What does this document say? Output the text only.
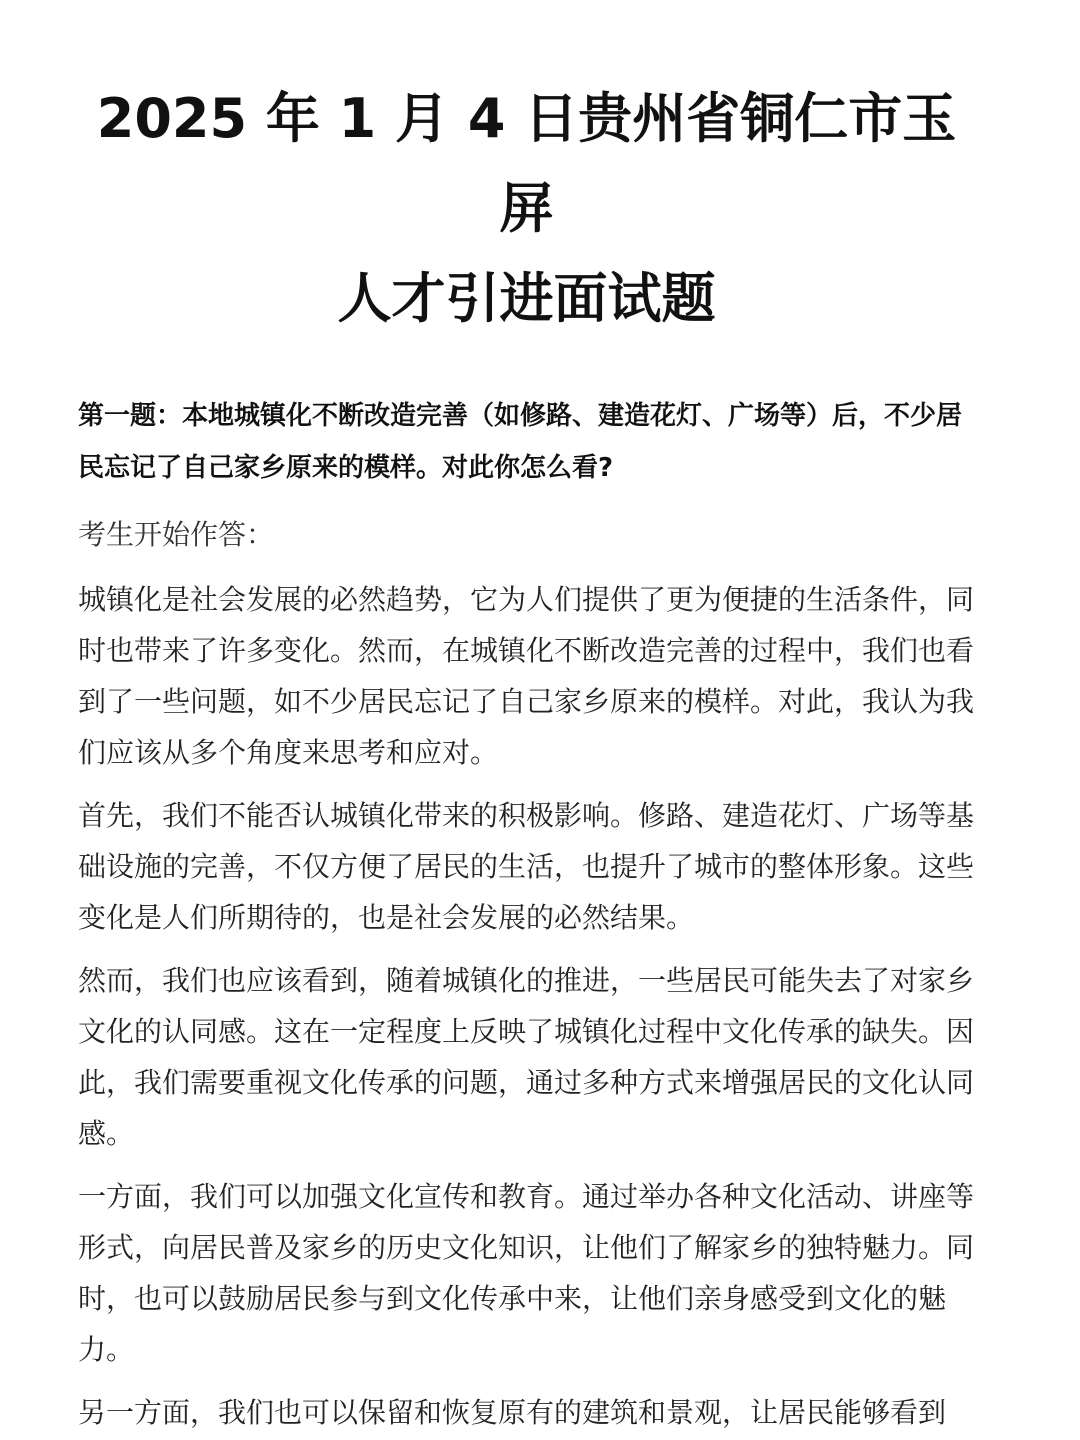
2025 年 1 月 4 日贵州省铜仁市玉屏
人才引进面试题

第一题：本地城镇化不断改造完善（如修路、建造花灯、广场等）后，不少居民忘记了自己家乡原来的模样。对此你怎么看?

考生开始作答：

城镇化是社会发展的必然趋势，它为人们提供了更为便捷的生活条件，同时也带来了许多变化。然而，在城镇化不断改造完善的过程中，我们也看到了一些问题，如不少居民忘记了自己家乡原来的模样。对此，我认为我们应该从多个角度来思考和应对。

首先，我们不能否认城镇化带来的积极影响。修路、建造花灯、广场等基础设施的完善，不仅方便了居民的生活，也提升了城市的整体形象。这些变化是人们所期待的，也是社会发展的必然结果。

然而，我们也应该看到，随着城镇化的推进，一些居民可能失去了对家乡文化的认同感。这在一定程度上反映了城镇化过程中文化传承的缺失。因此，我们需要重视文化传承的问题，通过多种方式来增强居民的文化认同感。

一方面，我们可以加强文化宣传和教育。通过举办各种文化活动、讲座等形式，向居民普及家乡的历史文化知识，让他们了解家乡的独特魅力。同时，也可以鼓励居民参与到文化传承中来，让他们亲身感受到文化的魅力。

另一方面，我们也可以保留和恢复原有的建筑和景观，让居民能够看到
